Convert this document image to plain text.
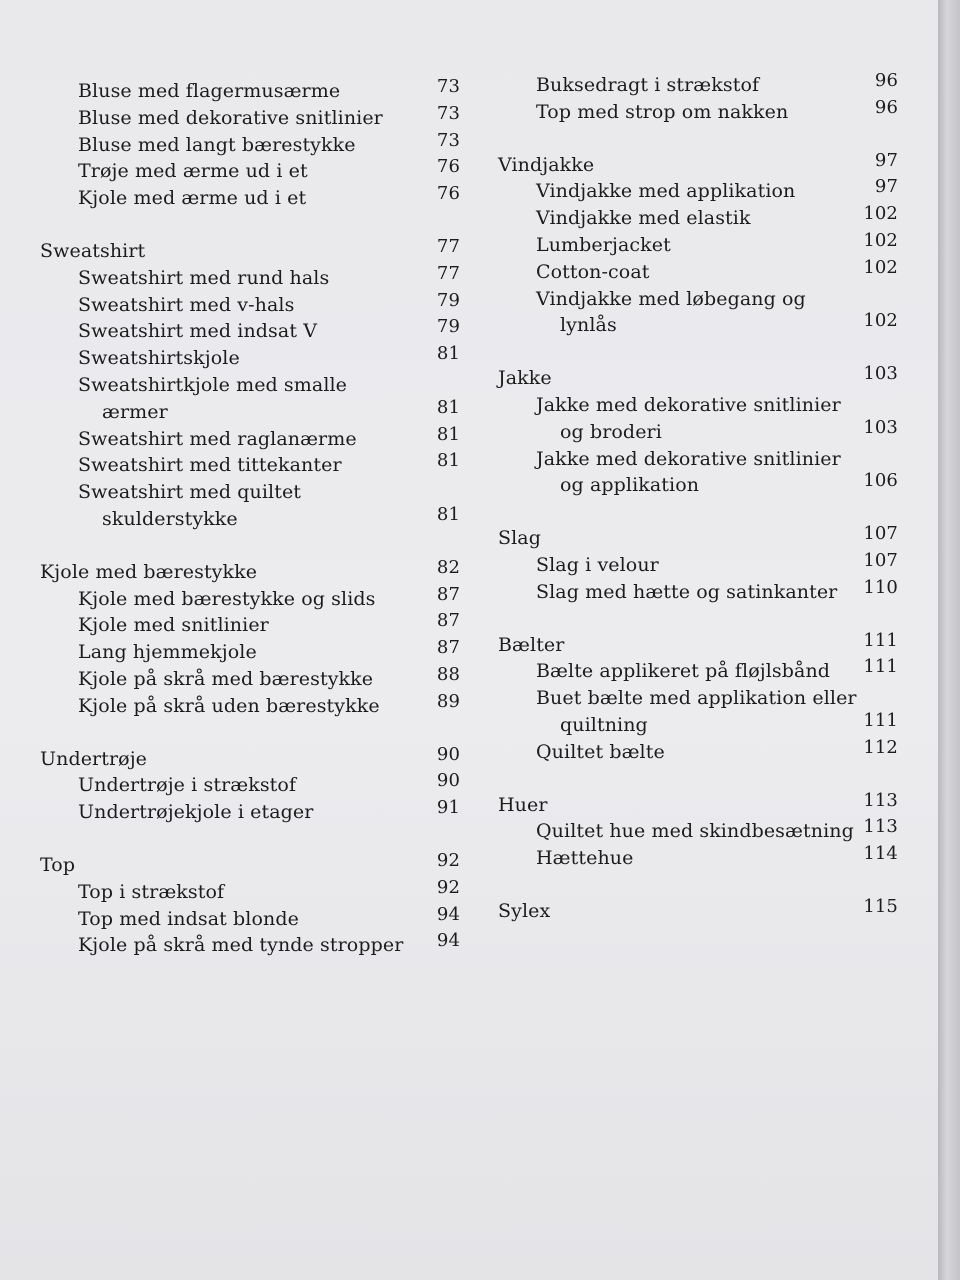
Bluse med flagermusærme	73
Bluse med dekorative snitlinier	73
Bluse med langt bærestykke	73
Trøje med ærme ud i et	76
Kjole med ærme ud i et	76
Sweatshirt	77
Sweatshirt med rund hals	77
Sweatshirt med v-hals	79
Sweatshirt med indsat V	79
Sweatshirtskjole	81
Sweatshirtkjole med smalle
ærmer	81
Sweatshirt med raglanærme	81
Sweatshirt med tittekanter	81
Sweatshirt med quiltet
skulderstykke	81
Kjole med bærestykke	82
Kjole med bærestykke og slids	87
Kjole med snitlinier	87
Lang hjemmekjole	87
Kjole på skrå med bærestykke	88
Kjole på skrå uden bærestykke	89
Undertrøje	90
Undertrøje i strækstof	90
Undertrøjekjole i etager	91
Top	92
Top i strækstof	92
Top med indsat blonde	94
Kjole på skrå med tynde stropper 94
Buksedragt i strækstof	96
Top med strop om nakken	96
Vindjakke	97
Vindjakke med applikation	97
Vindjakke med elastik	102
Lumberjacket	102
Cotton-coat	102
Vindjakke med løbegang og
lynlås	102
Jakke	103
Jakke med dekorative snitlinier
og broderi	103
Jakke med dekorative snitlinier
og applikation	106
Slag	107
Slag i velour	107
Slag med hætte og satinkanter 110
Bælter	111
Bælte applikeret på fløjlsbånd 111
Buet bælte med applikation eller
quiltning	111
Quiltet bælte	112
Huer	113
Quiltet hue med skindbesætning 113
Hættehue	114
Sylex	115
